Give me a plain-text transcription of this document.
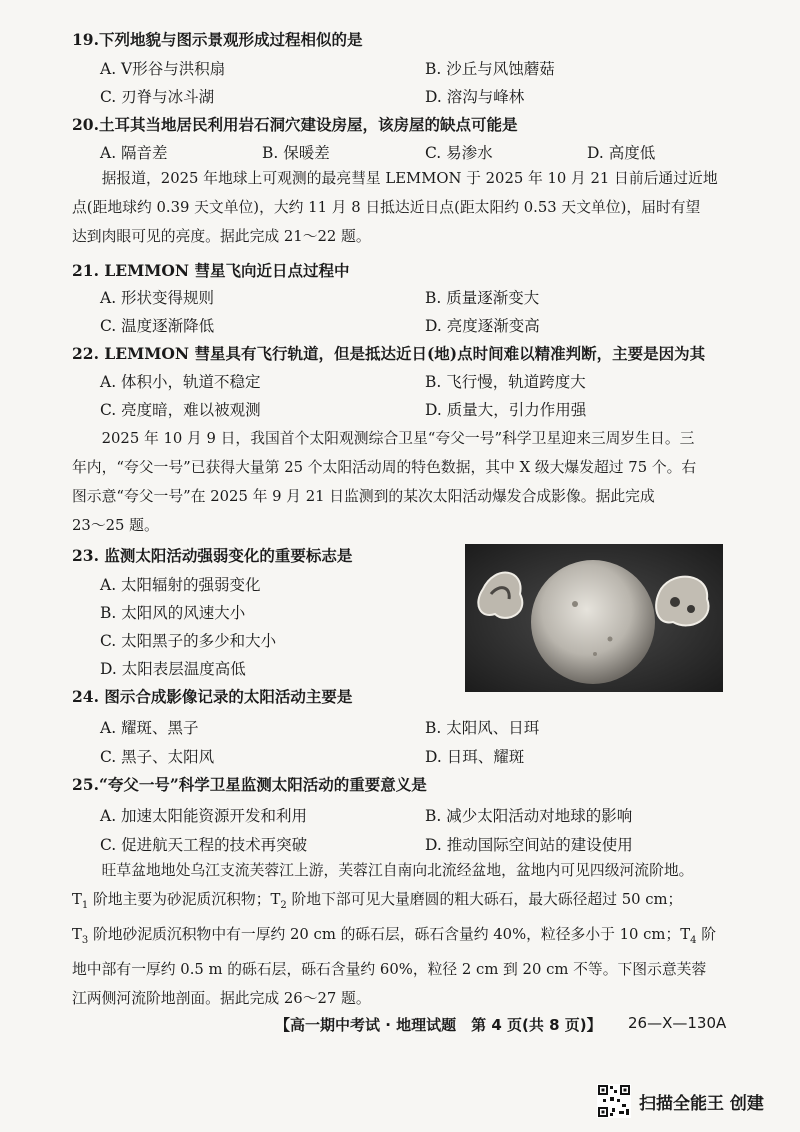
19.下列地貌与图示景观形成过程相似的是
A. V形谷与洪积扇	B. 沙丘与风蚀蘑菇
C. 刃脊与冰斗湖	D. 溶沟与峰林
20.土耳其当地居民利用岩石洞穴建设房屋，该房屋的缺点可能是
A. 隔音差	B. 保暖差	C. 易渗水	D. 高度低

据报道，2025 年地球上可观测的最亮彗星 LEMMON 于 2025 年 10 月 21 日前后通过近地

点(距地球约 0.39 天文单位)，大约 11 月 8 日抵达近日点(距太阳约 0.53 天文单位)，届时有望

达到肉眼可见的亮度。据此完成 21～22 题。

21. LEMMON 彗星飞向近日点过程中
A. 形状变得规则	B. 质量逐渐变大
C. 温度逐渐降低	D. 亮度逐渐变高
22. LEMMON 彗星具有飞行轨道，但是抵达近日(地)点时间难以精准判断，主要是因为其
A. 体积小，轨道不稳定	B. 飞行慢，轨道跨度大
C. 亮度暗，难以被观测	D. 质量大，引力作用强

2025 年 10 月 9 日，我国首个太阳观测综合卫星“夸父一号”科学卫星迎来三周岁生日。三

年内，“夸父一号”已获得大量第 25 个太阳活动周的特色数据，其中 X 级大爆发超过 75 个。右

图示意“夸父一号”在 2025 年 9 月 21 日监测到的某次太阳活动爆发合成影像。据此完成

23～25 题。

23. 监测太阳活动强弱变化的重要标志是
A. 太阳辐射的强弱变化
B. 太阳风的风速大小
C. 太阳黑子的多少和大小
D. 太阳表层温度高低
24. 图示合成影像记录的太阳活动主要是
A. 耀斑、黑子	B. 太阳风、日珥
C. 黑子、太阳风	D. 日珥、耀斑
25.“夸父一号”科学卫星监测太阳活动的重要意义是
A. 加速太阳能资源开发和利用	B. 减少太阳活动对地球的影响
C. 促进航天工程的技术再突破	D. 推动国际空间站的建设使用

旺草盆地地处乌江支流芙蓉江上游，芙蓉江自南向北流经盆地，盆地内可见四级河流阶地。

$T_1$ 阶地主要为砂泥质沉积物；$T_2$ 阶地下部可见大量磨圆的粗大砾石，最大砾径超过 50 cm；

$T_3$ 阶地砂泥质沉积物中有一厚约 20 cm 的砾石层，砾石含量约 40%，粒径多小于 10 cm；$T_4$ 阶

地中部有一厚约 0.5 m 的砾石层，砾石含量约 60%，粒径 2 cm 到 20 cm 不等。下图示意芙蓉

江两侧河流阶地剖面。据此完成 26～27 题。

【高一期中考试 · 地理试题　第 4 页(共 8 页)】 26—X—130A
扫描全能王 创建
